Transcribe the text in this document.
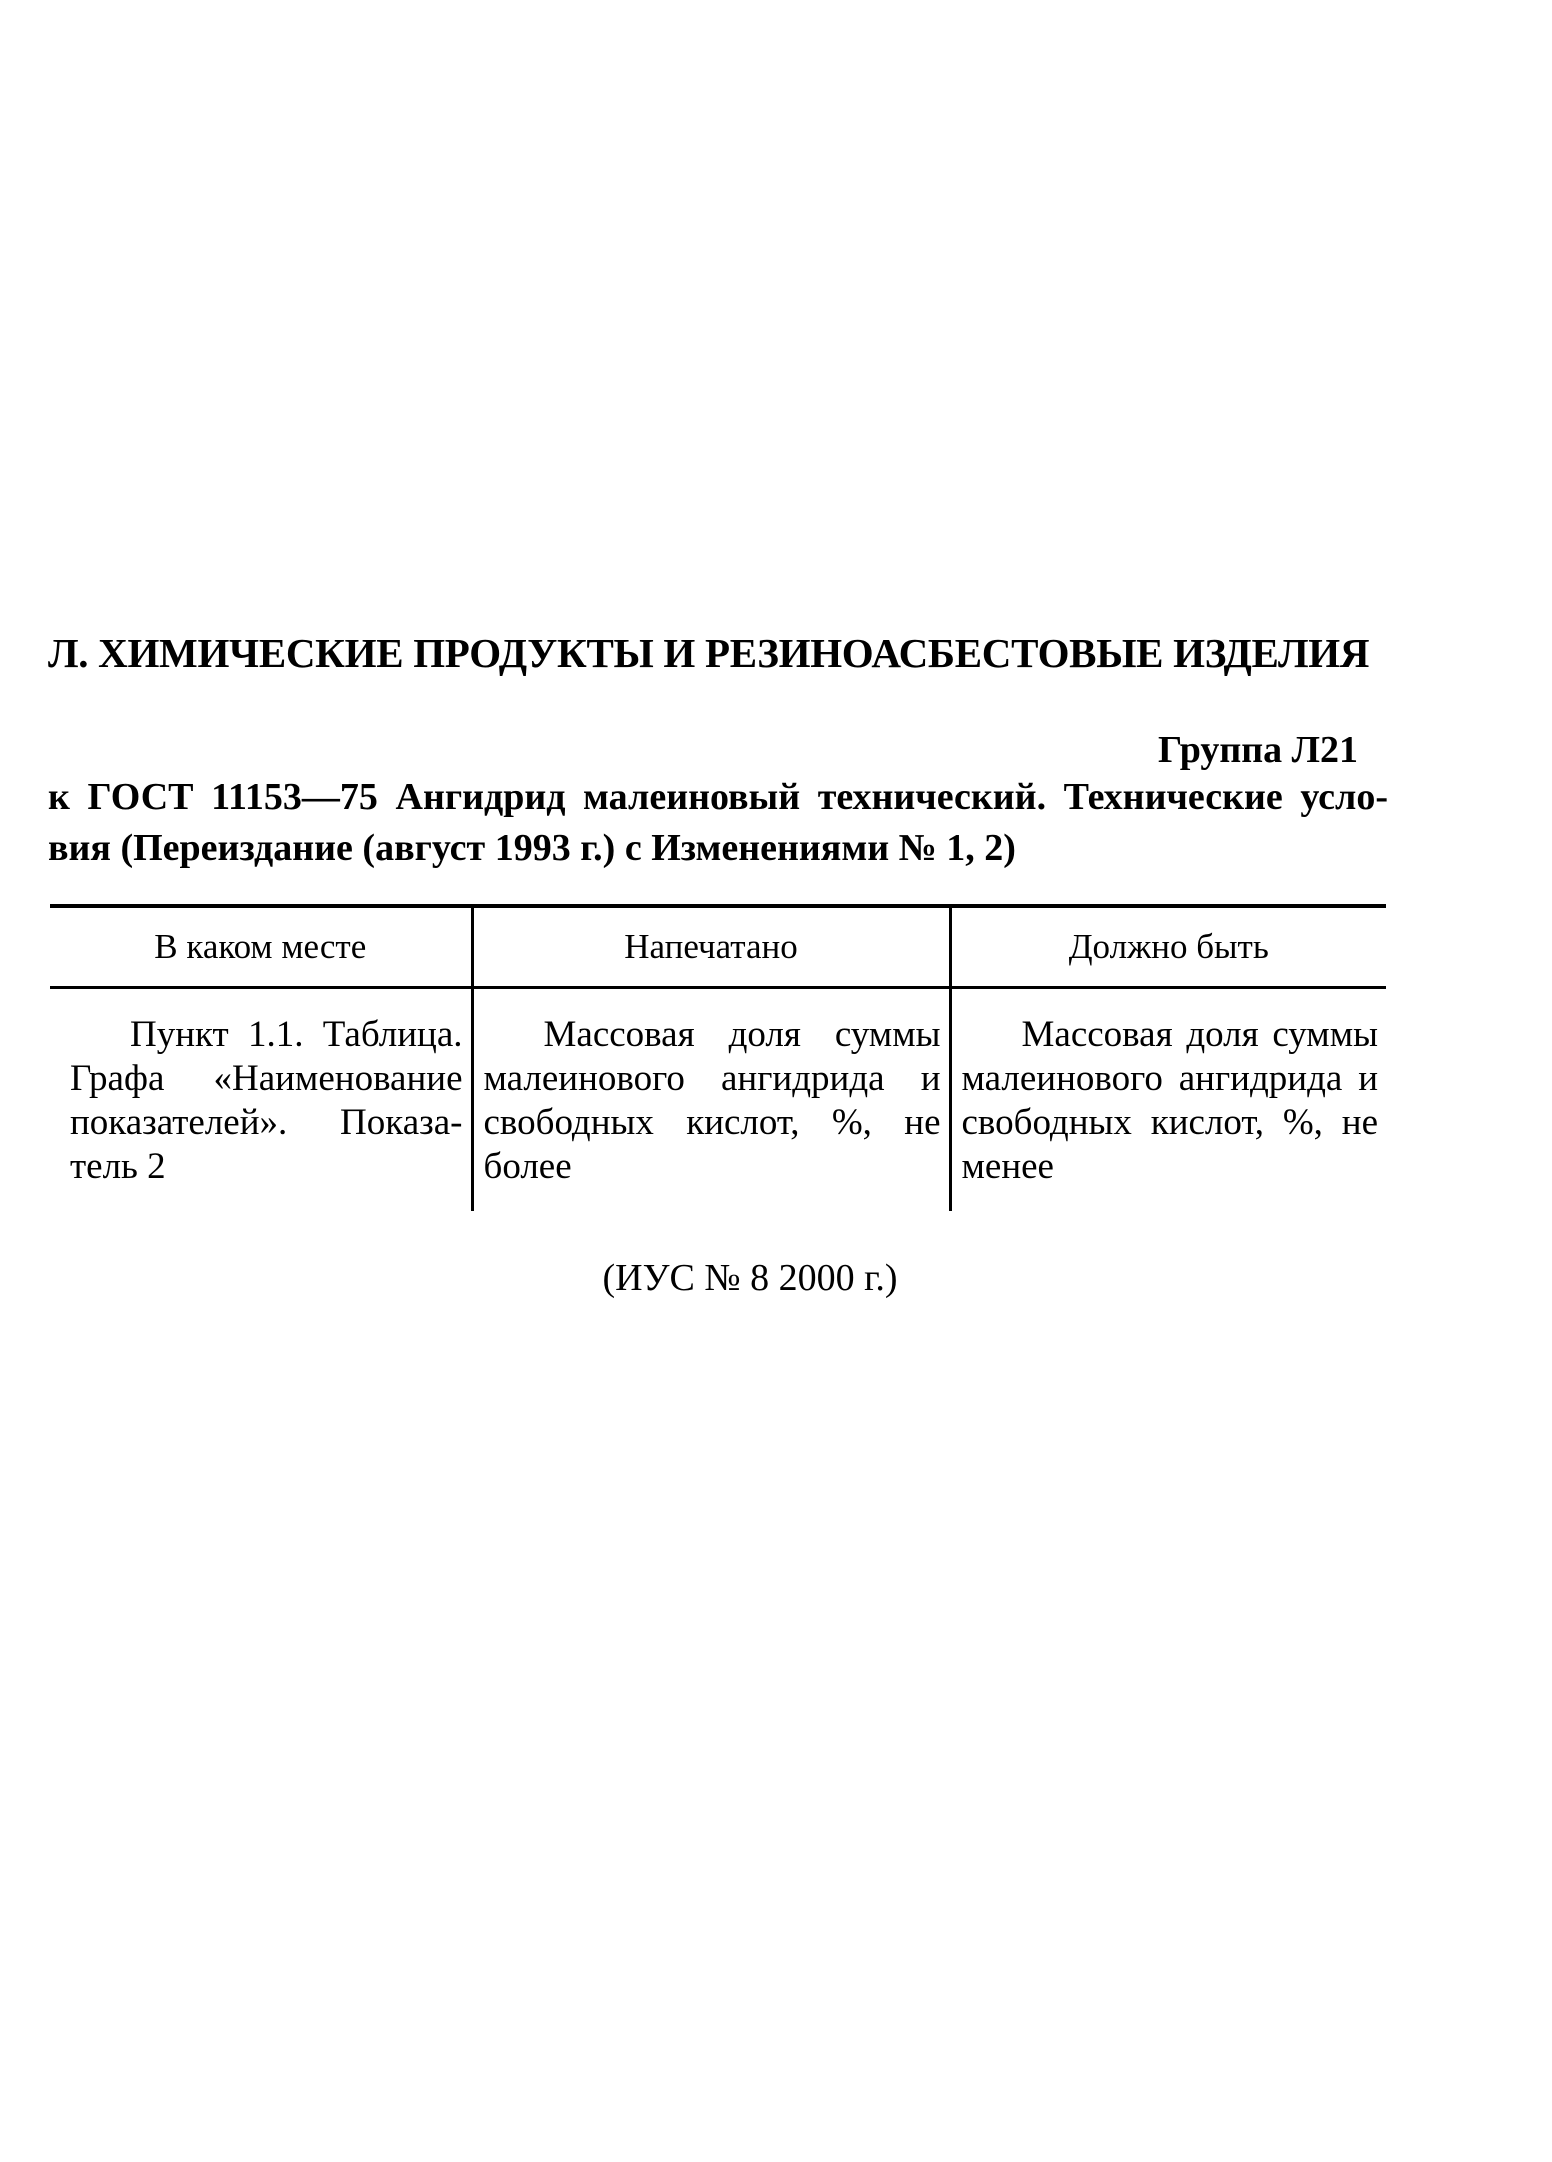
Л. ХИМИЧЕСКИЕ ПРОДУКТЫ И РЕЗИНОАСБЕСТОВЫЕ ИЗДЕЛИЯ
Группа Л21
к ГОСТ 11153—75 Ангидрид малеиновый технический. Технические усло-
вия (Переиздание (август 1993 г.) с Изменениями № 1, 2)
В каком месте	Напечатано	Должно быть

Пункт 1.1. Таблица. Графа «Наименование показателей». Показатель 2	Массовая доля суммы малеинового ангидрида и свободных кислот, %, не более	Массовая доля суммы малеинового ангидрида и свободных кислот, %, не менее
(ИУС № 8 2000 г.)
